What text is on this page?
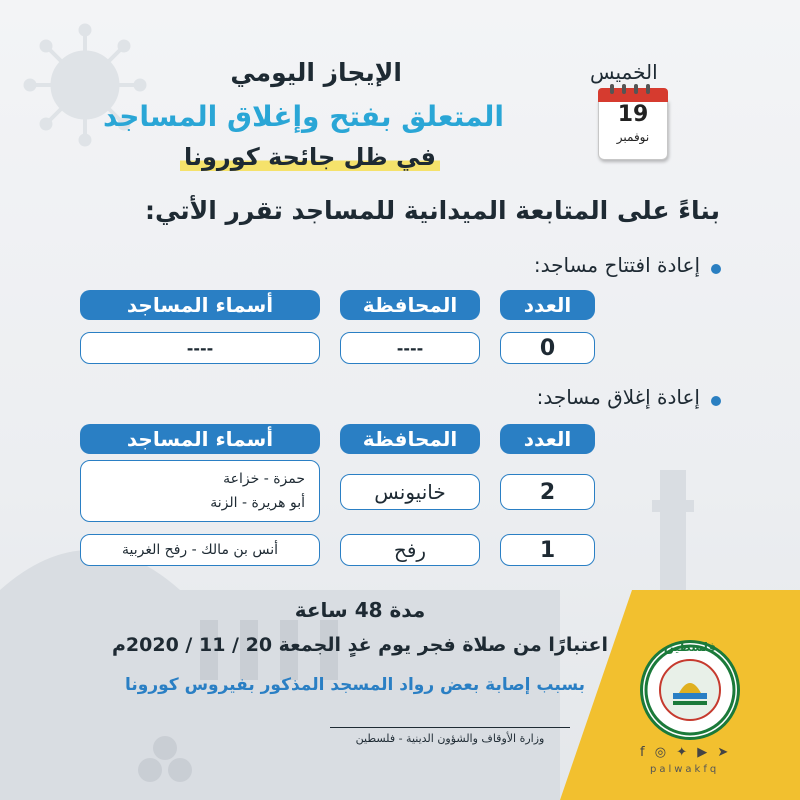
الإيجاز اليومي
المتعلق بفتح وإغلاق المساجد
في ظل جائحة كورونا
الخميس
19
نوفمبر
بناءً على المتابعة الميدانية للمساجد تقرر الأتي:
إعادة افتتاح مساجد:
أسماء المساجد	المحافظة	العدد
----	----	0
إعادة إغلاق مساجد:
أسماء المساجد	المحافظة	العدد
حمزة - خزاعة
أبو هريرة - الزنة	خانيونس	2
أنس بن مالك - رفح الغربية	رفح	1
مدة 48 ساعة
اعتبارًا من صلاة فجر يوم غدٍ الجمعة 20 / 11 / 2020م
بسبب إصابة بعض رواد المسجد المذكور بفيروس كورونا
وزارة الأوقاف والشؤون الدينية - فلسطين
فلسطين
f ◎ ✦ ▶ ➤
palwakfq
